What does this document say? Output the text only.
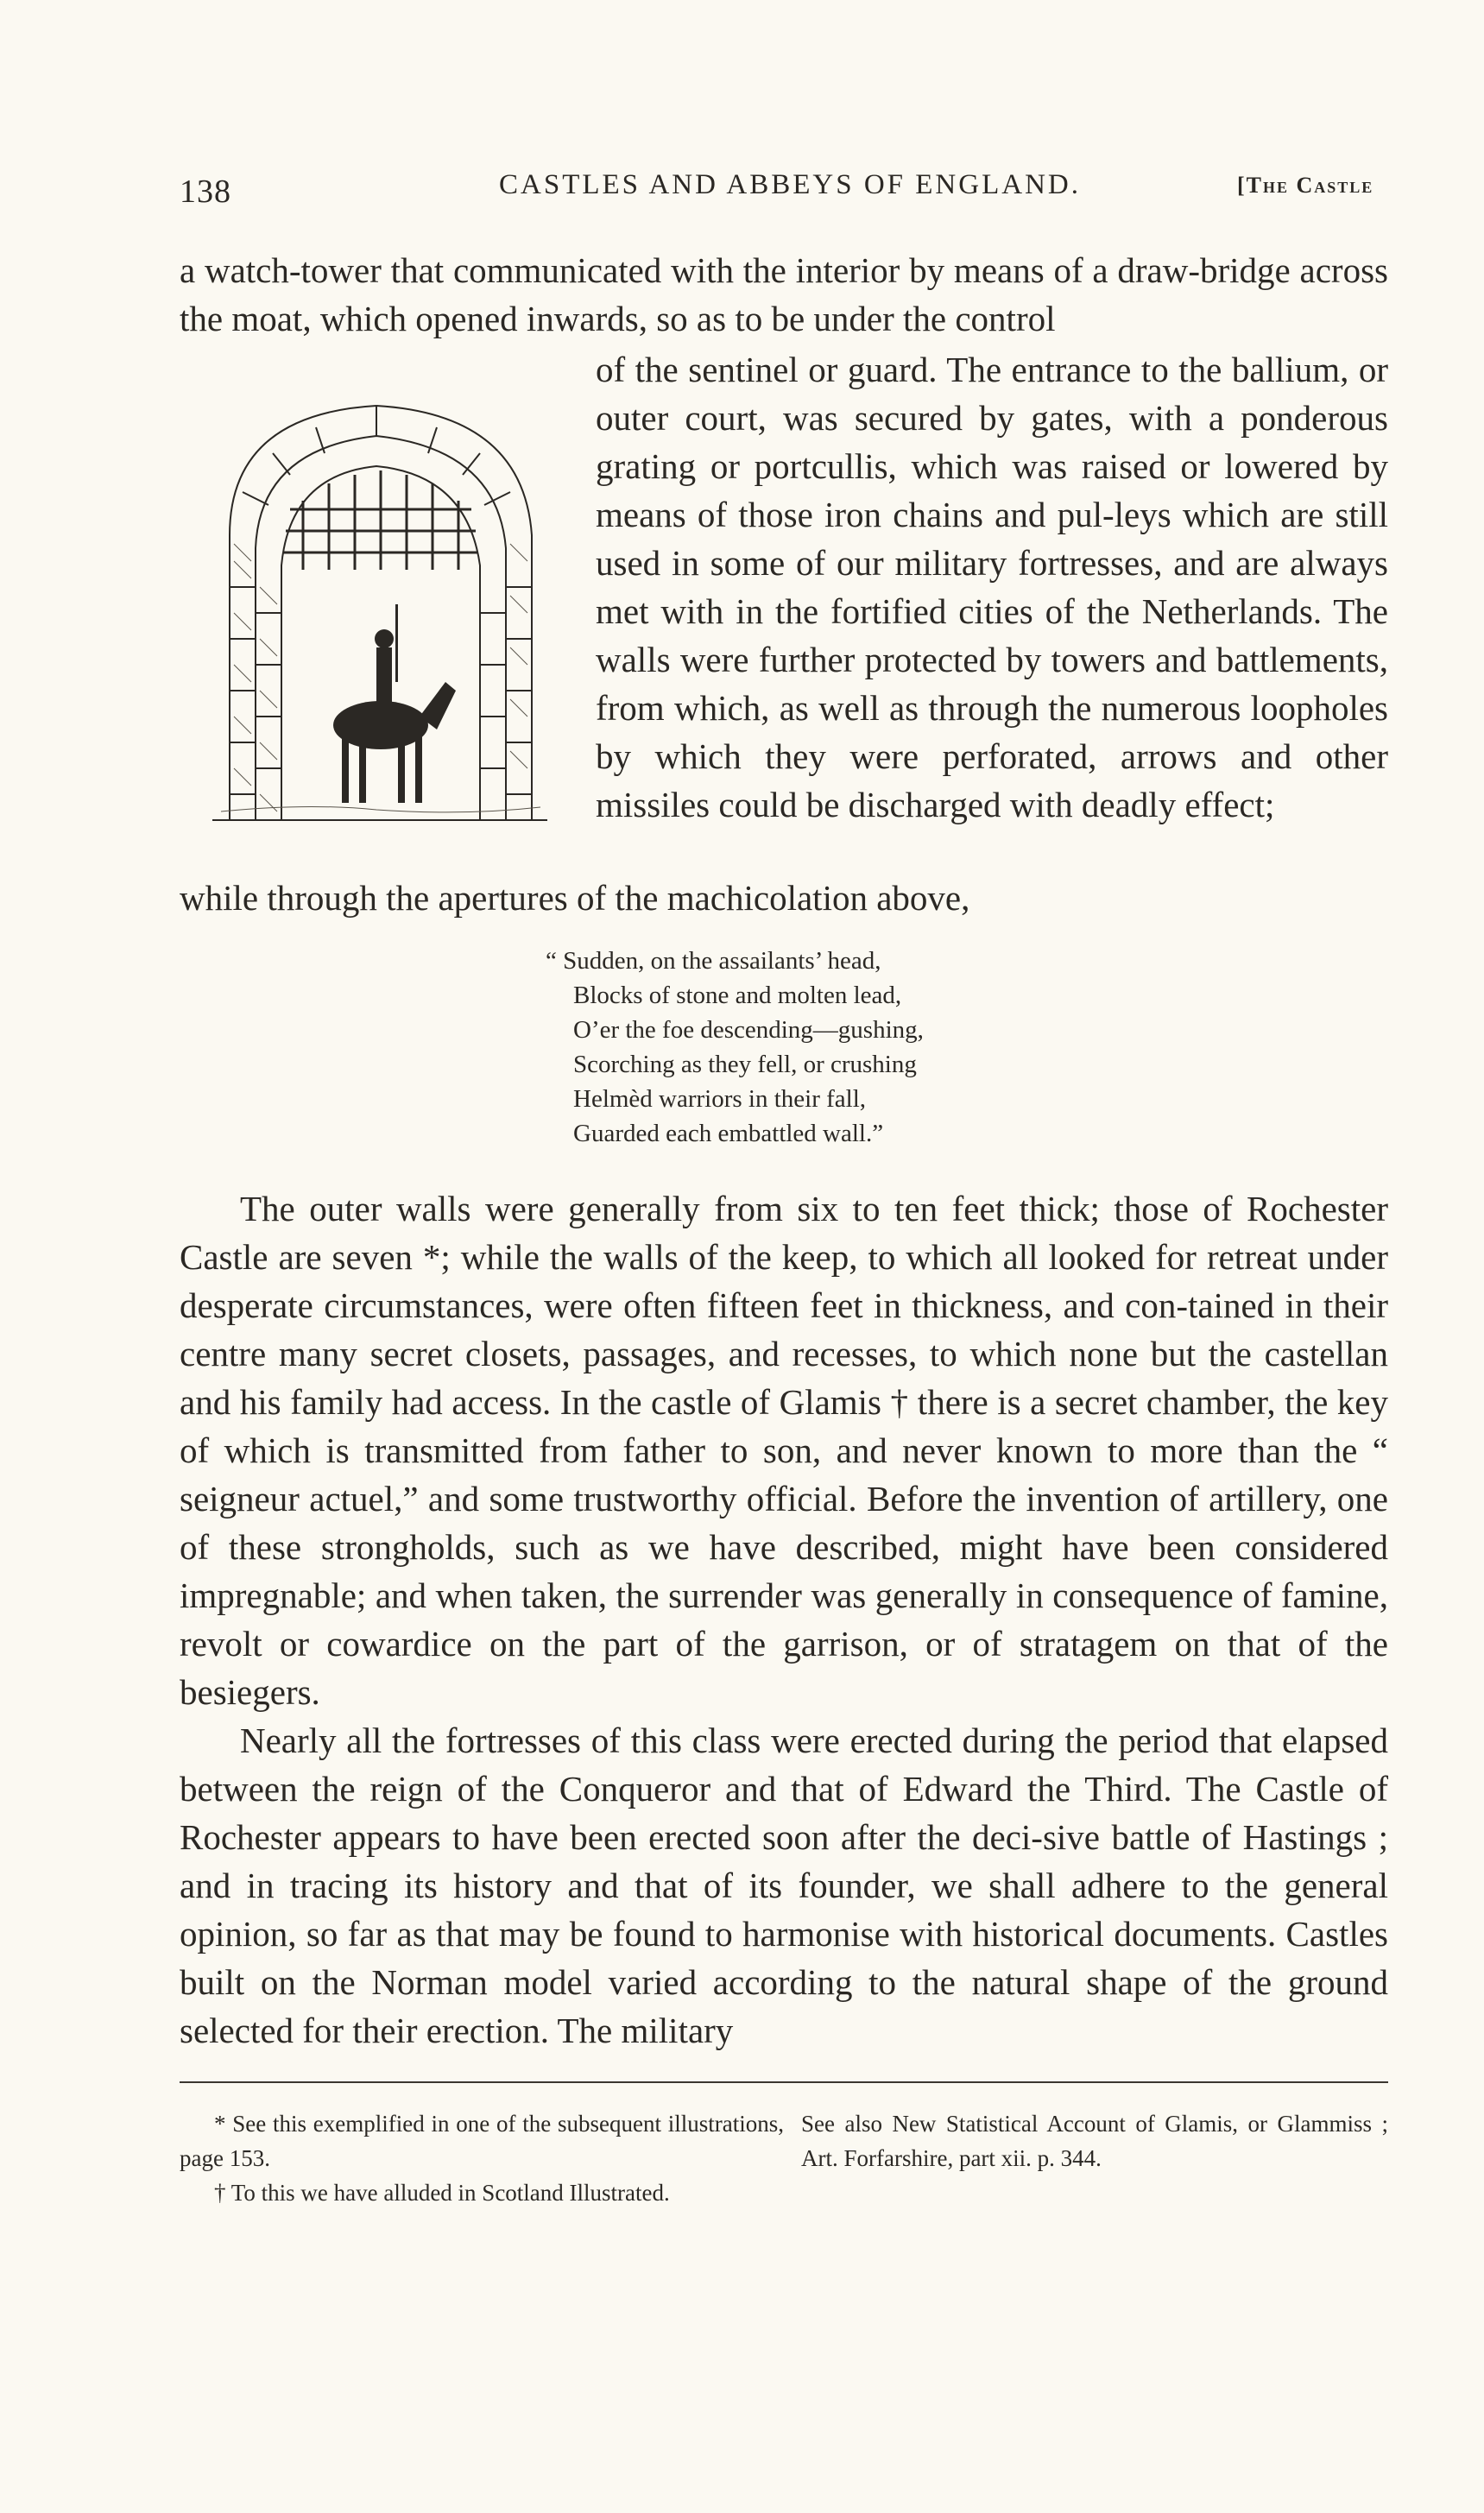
138	CASTLES AND ABBEYS OF ENGLAND.	[The Castle

a watch-tower that communicated with the interior by means of a draw-bridge across the moat, which opened inwards, so as to be under the control

of the sentinel or guard. The entrance to the ballium, or outer court, was secured by gates, with a ponderous grating or portcullis, which was raised or lowered by means of those iron chains and pul-leys which are still used in some of our military fortresses, and are always met with in the fortified cities of the Netherlands. The walls were further protected by towers and battlements, from which, as well as through the numerous loopholes by which they were perforated, arrows and other missiles could be discharged with deadly effect;

while through the apertures of the machicolation above,

“ Sudden, on the assailants’ head,
Blocks of stone and molten lead,
O’er the foe descending—gushing,
Scorching as they fell, or crushing
Helmèd warriors in their fall,
Guarded each embattled wall.”

The outer walls were generally from six to ten feet thick; those of Rochester Castle are seven *; while the walls of the keep, to which all looked for retreat under desperate circumstances, were often fifteen feet in thickness, and con-tained in their centre many secret closets, passages, and recesses, to which none but the castellan and his family had access. In the castle of Glamis † there is a secret chamber, the key of which is transmitted from father to son, and never known to more than the “ seigneur actuel,” and some trustworthy official. Before the invention of artillery, one of these strongholds, such as we have described, might have been considered impregnable; and when taken, the surrender was generally in consequence of famine, revolt or cowardice on the part of the garrison, or of stratagem on that of the besiegers.

Nearly all the fortresses of this class were erected during the period that elapsed between the reign of the Conqueror and that of Edward the Third. The Castle of Rochester appears to have been erected soon after the deci-sive battle of Hastings ; and in tracing its history and that of its founder, we shall adhere to the general opinion, so far as that may be found to harmonise with historical documents. Castles built on the Norman model varied according to the natural shape of the ground selected for their erection. The military

* See this exemplified in one of the subsequent illustrations, page 153.
† To this we have alluded in Scotland Illustrated.
See also New Statistical Account of Glamis, or Glammiss ; Art. Forfarshire, part xii. p. 344.
